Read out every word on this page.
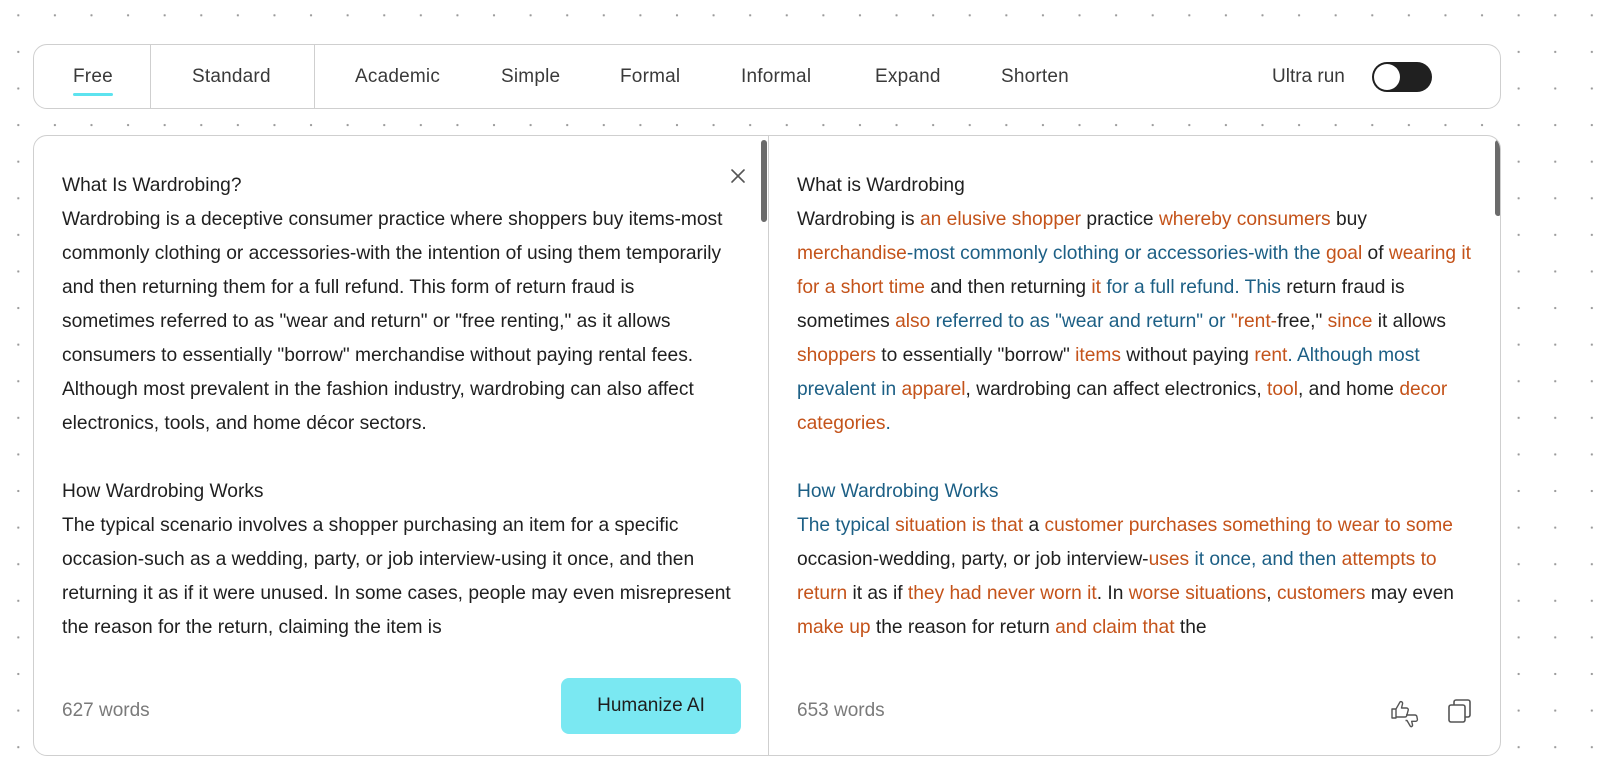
Free	Standard	Academic	Simple	Formal	Informal	Expand	Shorten	Ultra run

What Is Wardrobing?

Wardrobing is a deceptive consumer practice where shoppers buy items-most commonly clothing or accessories-with the intention of using them temporarily and then returning them for a full refund. This form of return fraud is sometimes referred to as "wear and return" or "free renting," as it allows consumers to essentially "borrow" merchandise without paying rental fees. Although most prevalent in the fashion industry, wardrobing can also affect electronics, tools, and home décor sectors.

How Wardrobing Works

The typical scenario involves a shopper purchasing an item for a specific occasion-such as a wedding, party, or job interview-using it once, and then returning it as if it were unused. In some cases, people may even misrepresent the reason for the return, claiming the item is

627 words	Humanize AI

What is Wardrobing

Wardrobing is an elusive shopper practice whereby consumers buy merchandise-most commonly clothing or accessories-with the goal of wearing it for a short time and then returning it for a full refund. This return fraud is sometimes also referred to as "wear and return" or "rent-free," since it allows shoppers to essentially "borrow" items without paying rent. Although most prevalent in apparel, wardrobing can affect electronics, tool, and home decor categories.

How Wardrobing Works

The typical situation is that a customer purchases something to wear to some occasion-wedding, party, or job interview-uses it once, and then attempts to return it as if they had never worn it. In worse situations, customers may even make up the reason for return and claim that the

653 words
